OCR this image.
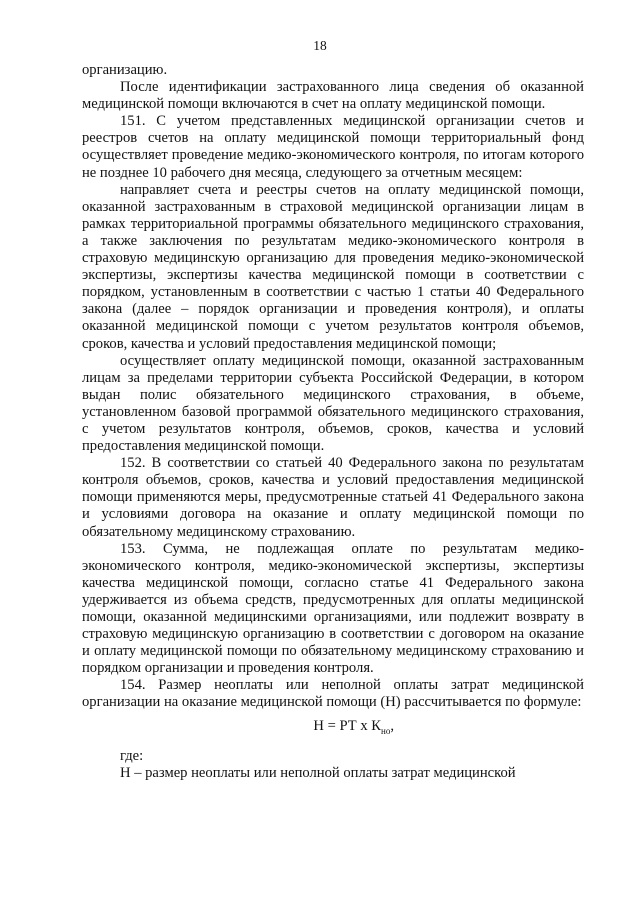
18

организацию.

После идентификации застрахованного лица сведения об оказанной медицинской помощи включаются в счет на оплату медицинской помощи.

151. С учетом представленных медицинской организации счетов и реестров счетов на оплату медицинской помощи территориальный фонд осуществляет проведение медико-экономического контроля, по итогам которого не позднее 10 рабочего дня месяца, следующего за отчетным месяцем:

направляет счета и реестры счетов на оплату медицинской помощи, оказанной застрахованным в страховой медицинской организации лицам в рамках территориальной программы обязательного медицинского страхования, а также заключения по результатам медико-экономического контроля в страховую медицинскую организацию для проведения медико-экономической экспертизы, экспертизы качества медицинской помощи в соответствии с порядком, установленным в соответствии с частью 1 статьи 40 Федерального закона (далее – порядок организации и проведения контроля), и оплаты оказанной медицинской помощи с учетом результатов контроля объемов, сроков, качества и условий предоставления медицинской помощи;

осуществляет оплату медицинской помощи, оказанной застрахованным лицам за пределами территории субъекта Российской Федерации, в котором выдан полис обязательного медицинского страхования, в объеме, установленном базовой программой обязательного медицинского страхования, с учетом результатов контроля, объемов, сроков, качества и условий предоставления медицинской помощи.

152. В соответствии со статьей 40 Федерального закона по результатам контроля объемов, сроков, качества и условий предоставления медицинской помощи применяются меры, предусмотренные статьей 41 Федерального закона и условиями договора на оказание и оплату медицинской помощи по обязательному медицинскому страхованию.

153. Сумма, не подлежащая оплате по результатам медико-экономического контроля, медико-экономической экспертизы, экспертизы качества медицинской помощи, согласно статье 41 Федерального закона удерживается из объема средств, предусмотренных для оплаты медицинской помощи, оказанной медицинскими организациями, или подлежит возврату в страховую медицинскую организацию в соответствии с договором на оказание и оплату медицинской помощи по обязательному медицинскому страхованию и порядком организации и проведения контроля.

154. Размер неоплаты или неполной оплаты затрат медицинской организации на оказание медицинской помощи (Н) рассчитывается по формуле:

Н = РТ x $К_{но}$,

где:

Н – размер неоплаты или неполной оплаты затрат медицинской
